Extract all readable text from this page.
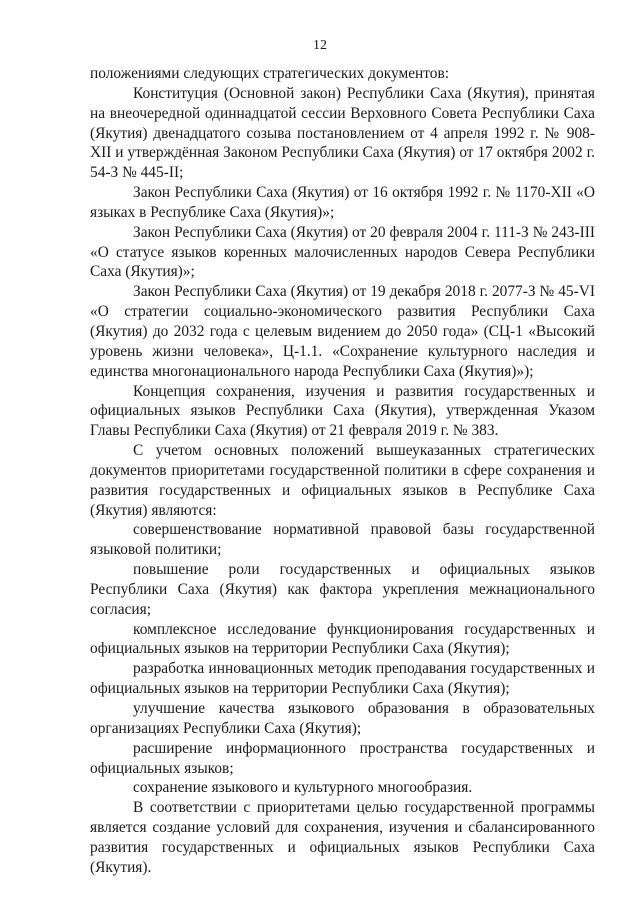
12

положениями следующих стратегических документов:

Конституция (Основной закон) Республики Саха (Якутия), принятая на внеочередной одиннадцатой сессии Верховного Совета Республики Саха (Якутия) двенадцатого созыва постановлением от 4 апреля 1992 г. № 908-XII и утверждённая Законом Республики Саха (Якутия) от 17 октября 2002 г. 54-З № 445-II;

Закон Республики Саха (Якутия) от 16 октября 1992 г. № 1170-XII «О языках в Республике Саха (Якутия)»;

Закон Республики Саха (Якутия) от 20 февраля 2004 г. 111-З № 243-III «О статусе языков коренных малочисленных народов Севера Республики Саха (Якутия)»;

Закон Республики Саха (Якутия) от 19 декабря 2018 г. 2077-З № 45-VI «О стратегии социально-экономического развития Республики Саха (Якутия) до 2032 года с целевым видением до 2050 года» (СЦ-1 «Высокий уровень жизни человека», Ц-1.1. «Сохранение культурного наследия и единства многонационального народа Республики Саха (Якутия)»);

Концепция сохранения, изучения и развития государственных и официальных языков Республики Саха (Якутия), утвержденная Указом Главы Республики Саха (Якутия) от 21 февраля 2019 г. № 383.

С учетом основных положений вышеуказанных стратегических документов приоритетами государственной политики в сфере сохранения и развития государственных и официальных языков в Республике Саха (Якутия) являются:

совершенствование нормативной правовой базы государственной языковой политики;

повышение роли государственных и официальных языков Республики Саха (Якутия) как фактора укрепления межнационального согласия;

комплексное исследование функционирования государственных и официальных языков на территории Республики Саха (Якутия);

разработка инновационных методик преподавания государственных и официальных языков на территории Республики Саха (Якутия);

улучшение качества языкового образования в образовательных организациях Республики Саха (Якутия);

расширение информационного пространства государственных и официальных языков;

сохранение языкового и культурного многообразия.

В соответствии с приоритетами целью государственной программы является создание условий для сохранения, изучения и сбалансированного развития государственных и официальных языков Республики Саха (Якутия).
